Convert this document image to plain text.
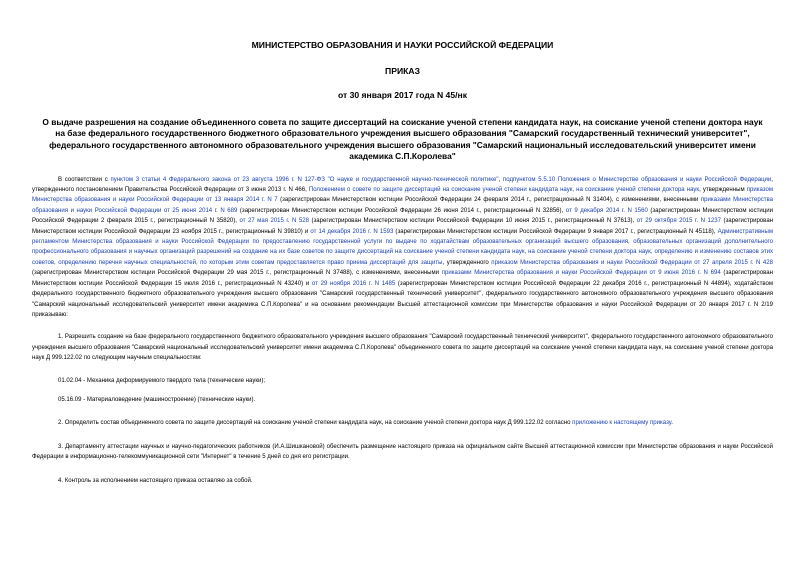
МИНИСТЕРСТВО ОБРАЗОВАНИЯ И НАУКИ РОССИЙСКОЙ ФЕДЕРАЦИИ

ПРИКАЗ

от 30 января 2017 года N 45/нк

О выдаче разрешения на создание объединенного совета по защите диссертаций на соискание ученой степени кандидата наук, на соискание ученой степени доктора наук на базе федерального государственного бюджетного образовательного учреждения высшего образования "Самарский государственный технический университет", федерального государственного автономного образовательного учреждения высшего образования "Самарский национальный исследовательский университет имени академика С.П.Королева"

В соответствии с пунктом 3 статьи 4 Федерального закона от 23 августа 1996 г. N 127-ФЗ "О науке и государственной научно-технической политике", подпунктом 5.5.10 Положения о Министерстве образования и науки Российской Федерации, утвержденного постановлением Правительства Российской Федерации от 3 июня 2013 г. N 466, Положением о совете по защите диссертаций на соискание ученой степени кандидата наук, на соискание ученой степени доктора наук, утвержденным приказом Министерства образования и науки Российской Федерации от 13 января 2014 г. N 7 (зарегистрирован Министерством юстиции Российской Федерации 24 февраля 2014 г., регистрационный N 31404), с изменениями, внесенными приказами Министерства образования и науки Российской Федерации от 25 июня 2014 г. N 689 (зарегистрирован Министерством юстиции Российской Федерации 26 июня 2014 г., регистрационный N 32856), от 9 декабря 2014 г. N 1560 (зарегистрирован Министерством юстиции Российской Федерации 2 февраля 2015 г., регистрационный N 35820), от 27 мая 2015 г. N 528 (зарегистрирован Министерством юстиции Российской Федерации 10 июня 2015 г., регистрационный N 37613), от 29 октября 2015 г. N 1237 (зарегистрирован Министерством юстиции Российской Федерации 23 ноября 2015 г., регистрационный N 39810) и от 14 декабря 2016 г. N 1593 (зарегистрирован Министерством юстиции Российской Федерации 9 января 2017 г., регистрационный N 45118), Административным регламентом Министерства образования и науки Российской Федерации по предоставлению государственной услуги по выдаче по ходатайствам образовательных организаций высшего образования, образовательных организаций дополнительного профессионального образования и научных организаций разрешений на создание на их базе советов по защите диссертаций на соискание ученой степени кандидата наук, на соискание ученой степени доктора наук, определению и изменению составов этих советов, определению перечня научных специальностей, по которым этим советам предоставляется право приема диссертаций для защиты, утвержденного приказом Министерства образования и науки Российской Федерации от 27 апреля 2015 г. N 428 (зарегистрирован Министерством юстиции Российской Федерации 29 мая 2015 г., регистрационный N 37488), с изменениями, внесенными приказами Министерства образования и науки Российской Федерации от 9 июня 2016 г. N 694 (зарегистрирован Министерством юстиции Российской Федерации 15 июля 2016 г., регистрационный N 43240) и от 29 ноября 2016 г. N 1485 (зарегистрирован Министерством юстиции Российской Федерации 22 декабря 2016 г., регистрационный N 44894), ходатайством федерального государственного бюджетного образовательного учреждения высшего образования "Самарский государственный технический университет", федерального государственного автономного образовательного учреждения высшего образования "Самарский национальный исследовательский университет имени академика С.П.Королева" и на основании рекомендации Высшей аттестационной комиссии при Министерстве образования и науки Российской Федерации от 20 января 2017 г. N 2/19 приказываю:

1. Разрешить создание на базе федерального государственного бюджетного образовательного учреждения высшего образования "Самарский государственный технический университет", федерального государственного автономного образовательного учреждения высшего образования "Самарский национальный исследовательский университет имени академика С.П.Королева" объединенного совета по защите диссертаций на соискание ученой степени кандидата наук, на соискание ученой степени доктора наук Д 999.122.02 по следующим научным специальностям:

01.02.04 - Механика деформируемого твердого тела (технические науки);

05.16.09 - Материаловедение (машиностроение) (технические науки).

2. Определить состав объединенного совета по защите диссертаций на соискание ученой степени кандидата наук, на соискание ученой степени доктора наук Д 999.122.02 согласно приложению к настоящему приказу.

3. Департаменту аттестации научных и научно-педагогических работников (И.А.Шишкановой) обеспечить размещение настоящего приказа на официальном сайте Высшей аттестационной комиссии при Министерстве образования и науки Российской Федерации в информационно-телекоммуникационной сети "Интернет" в течение 5 дней со дня его регистрации.

4. Контроль за исполнением настоящего приказа оставляю за собой.
